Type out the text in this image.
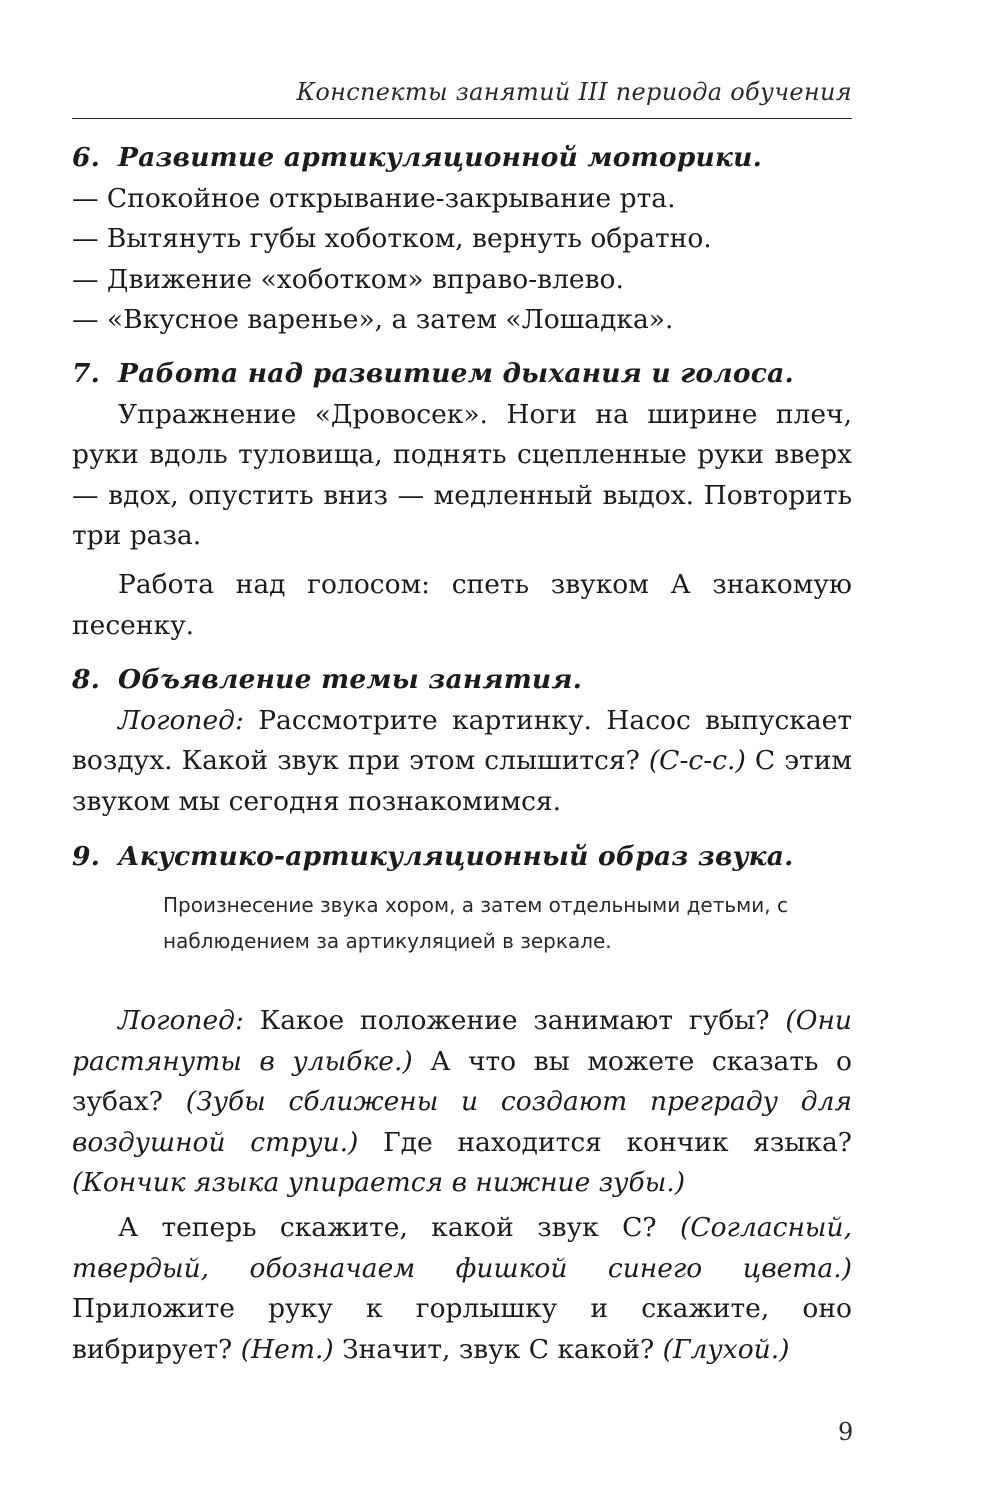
Конспекты занятий III периода обучения
6. Развитие артикуляционной моторики.
— Спокойное открывание-закрывание рта.
— Вытянуть губы хоботком, вернуть обратно.
— Движение «хоботком» вправо-влево.
— «Вкусное варенье», а затем «Лошадка».
7. Работа над развитием дыхания и голоса.

Упражнение «Дровосек». Ноги на ширине плеч, руки вдоль туловища, поднять сцепленные руки вверх — вдох, опустить вниз — медленный выдох. Повторить три раза.

Работа над голосом: спеть звуком А знакомую песенку.

8. Объявление темы занятия.

Логопед: Рассмотрите картинку. Насос выпускает воздух. Какой звук при этом слышится? (С-с-с.) С этим звуком мы сегодня познакомимся.

9. Акустико-артикуляционный образ звука.
Произнесение звука хором, а затем отдельными детьми, с наблюдением за артикуляцией в зеркале.

Логопед: Какое положение занимают губы? (Они растянуты в улыбке.) А что вы можете сказать о зубах? (Зубы сближены и создают преграду для воздушной струи.) Где находится кончик языка? (Кончик языка упирается в нижние зубы.)

А теперь скажите, какой звук С? (Согласный, твердый, обозначаем фишкой синего цвета.) Приложите руку к горлышку и скажите, оно вибрирует? (Нет.) Значит, звук С какой? (Глухой.)

9
